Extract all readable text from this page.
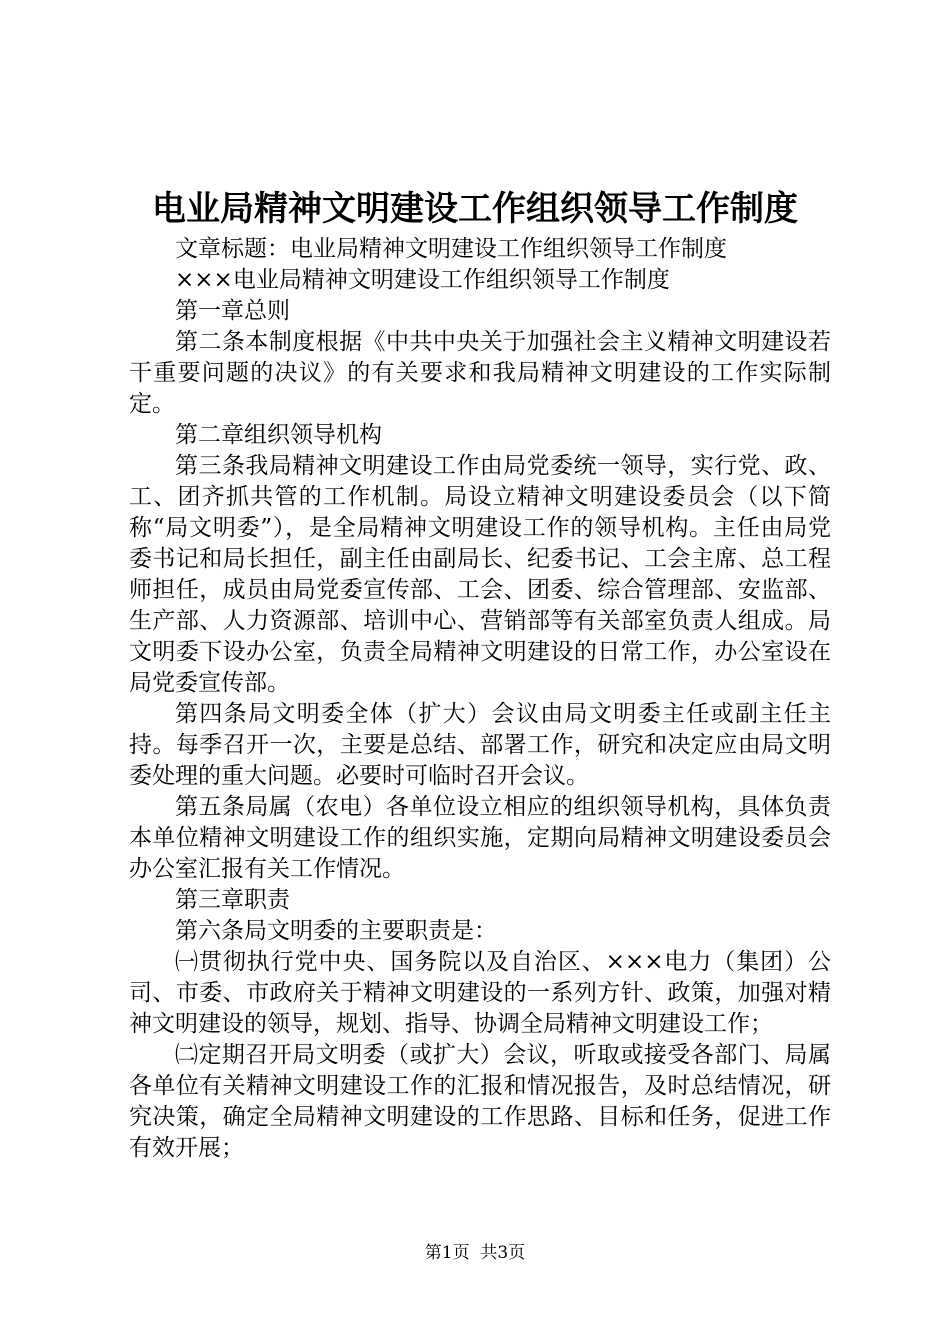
电业局精神文明建设工作组织领导工作制度

文章标题：电业局精神文明建设工作组织领导工作制度

×××电业局精神文明建设工作组织领导工作制度

第一章总则

第二条本制度根据《中共中央关于加强社会主义精神文明建设若干重要问题的决议》的有关要求和我局精神文明建设的工作实际制定。

第二章组织领导机构

第三条我局精神文明建设工作由局党委统一领导，实行党、政、工、团齐抓共管的工作机制。局设立精神文明建设委员会（以下简称“局文明委”），是全局精神文明建设工作的领导机构。主任由局党委书记和局长担任，副主任由副局长、纪委书记、工会主席、总工程师担任，成员由局党委宣传部、工会、团委、综合管理部、安监部、生产部、人力资源部、培训中心、营销部等有关部室负责人组成。局文明委下设办公室，负责全局精神文明建设的日常工作，办公室设在局党委宣传部。

第四条局文明委全体（扩大）会议由局文明委主任或副主任主持。每季召开一次，主要是总结、部署工作，研究和决定应由局文明委处理的重大问题。必要时可临时召开会议。

第五条局属（农电）各单位设立相应的组织领导机构，具体负责本单位精神文明建设工作的组织实施，定期向局精神文明建设委员会办公室汇报有关工作情况。

第三章职责

第六条局文明委的主要职责是：

㈠贯彻执行党中央、国务院以及自治区、×××电力（集团）公司、市委、市政府关于精神文明建设的一系列方针、政策，加强对精神文明建设的领导，规划、指导、协调全局精神文明建设工作；

㈡定期召开局文明委（或扩大）会议，听取或接受各部门、局属各单位有关精神文明建设工作的汇报和情况报告，及时总结情况，研究决策，确定全局精神文明建设的工作思路、目标和任务，促进工作有效开展；

第1页 共3页
